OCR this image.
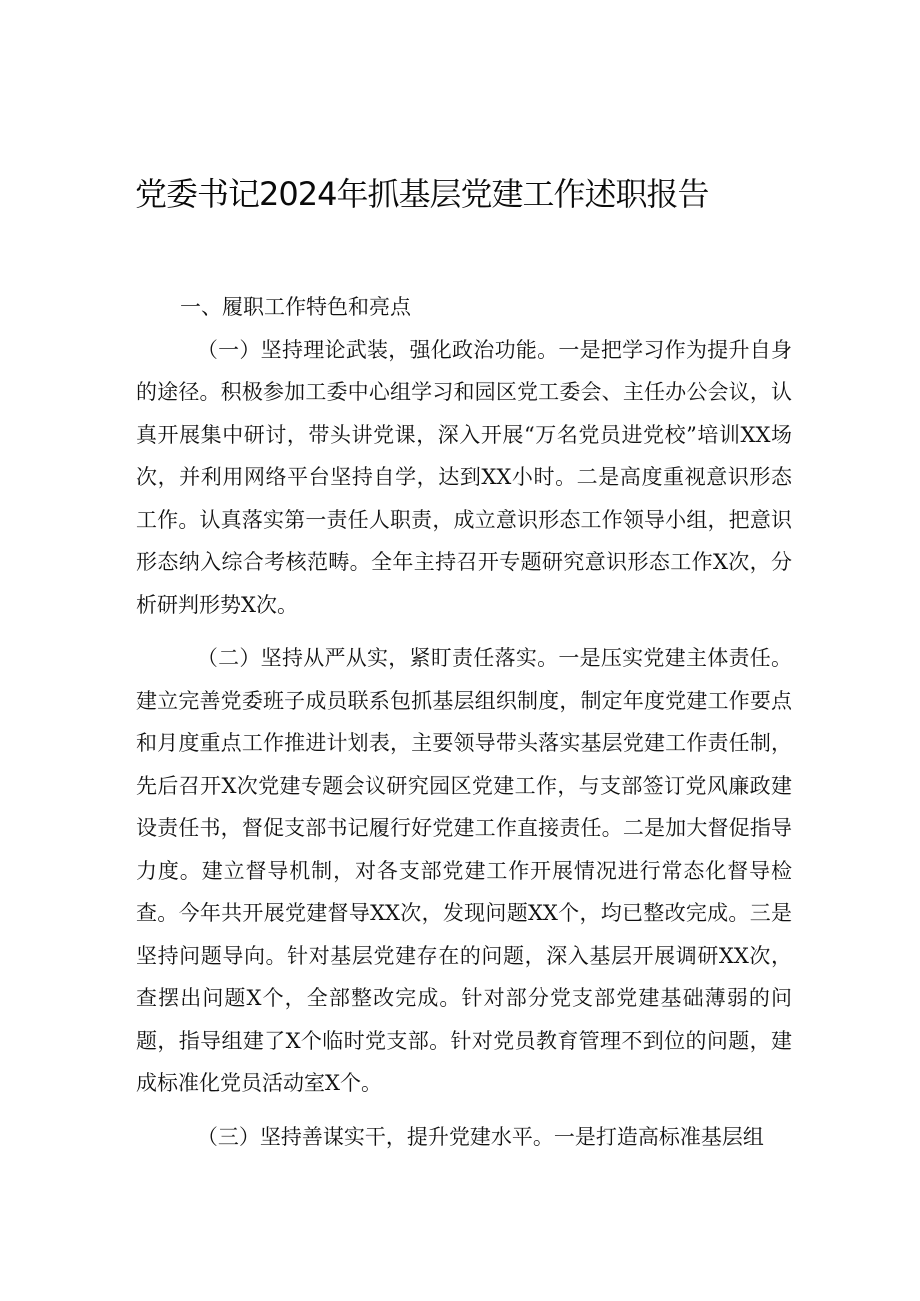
党委书记2024年抓基层党建工作述职报告

一、履职工作特色和亮点

（一）坚持理论武装，强化政治功能。一是把学习作为提升自身的途径。积极参加工委中心组学习和园区党工委会、主任办公会议，认真开展集中研讨，带头讲党课，深入开展“万名党员进党校”培训XX场次，并利用网络平台坚持自学，达到XX小时。二是高度重视意识形态工作。认真落实第一责任人职责，成立意识形态工作领导小组，把意识形态纳入综合考核范畴。全年主持召开专题研究意识形态工作X次，分析研判形势X次。

（二）坚持从严从实，紧盯责任落实。一是压实党建主体责任。建立完善党委班子成员联系包抓基层组织制度，制定年度党建工作要点和月度重点工作推进计划表，主要领导带头落实基层党建工作责任制，先后召开X次党建专题会议研究园区党建工作，与支部签订党风廉政建设责任书，督促支部书记履行好党建工作直接责任。二是加大督促指导力度。建立督导机制，对各支部党建工作开展情况进行常态化督导检查。今年共开展党建督导XX次，发现问题XX个，均已整改完成。三是坚持问题导向。针对基层党建存在的问题，深入基层开展调研XX次，查摆出问题X个，全部整改完成。针对部分党支部党建基础薄弱的问题，指导组建了X个临时党支部。针对党员教育管理不到位的问题，建成标准化党员活动室X个。

（三）坚持善谋实干，提升党建水平。一是打造高标准基层组
